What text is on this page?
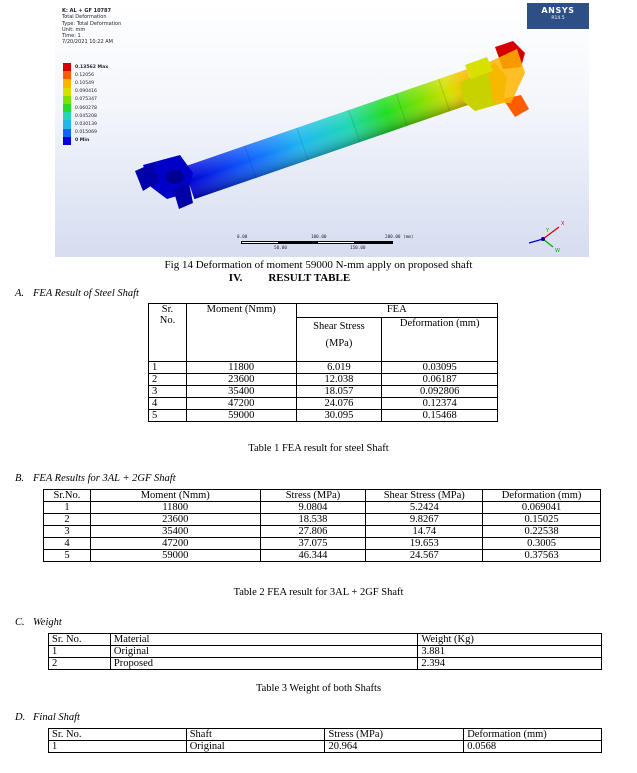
K: AL + GF 10787
Total Deformation
Type: Total Deformation
Unit: mm
Time: 1
7/20/2021 10:22 AM
0.13562 Max
0.12056
0.10549
0.090416
0.075347
0.060278
0.045208
0.030139
0.015069
0 Min
ANSYS
R14.5
0.00	100.00	200.00 (mm)
50.00	150.00
X
W
Y
Fig 14 Deformation of moment 59000 N-mm apply on proposed shaft
IV. RESULT TABLE
A. FEA Result of Steel Shaft
Sr. No.	Moment (Nmm)	FEA	
		Shear Stress (MPa)	Deformation (mm)
1	11800	6.019	0.03095
2	23600	12.038	0.06187
3	35400	18.057	0.092806
4	47200	24.076	0.12374
5	59000	30.095	0.15468
Table 1 FEA result for steel Shaft
B. FEA Results for 3AL + 2GF Shaft
Sr.No.	Moment (Nmm)	Stress (MPa)	Shear Stress (MPa)	Deformation (mm)
1	11800	9.0804	5.2424	0.069041
2	23600	18.538	9.8267	0.15025
3	35400	27.806	14.74	0.22538
4	47200	37.075	19.653	0.3005
5	59000	46.344	24.567	0.37563
Table 2 FEA result for 3AL + 2GF Shaft
C. Weight
Sr. No.	Material	Weight (Kg)
1	Original	3.881
2	Proposed	2.394
Table 3 Weight of both Shafts
D. Final Shaft
Sr. No.	Shaft	Stress (MPa)	Deformation (mm)
1	Original	20.964	0.0568
